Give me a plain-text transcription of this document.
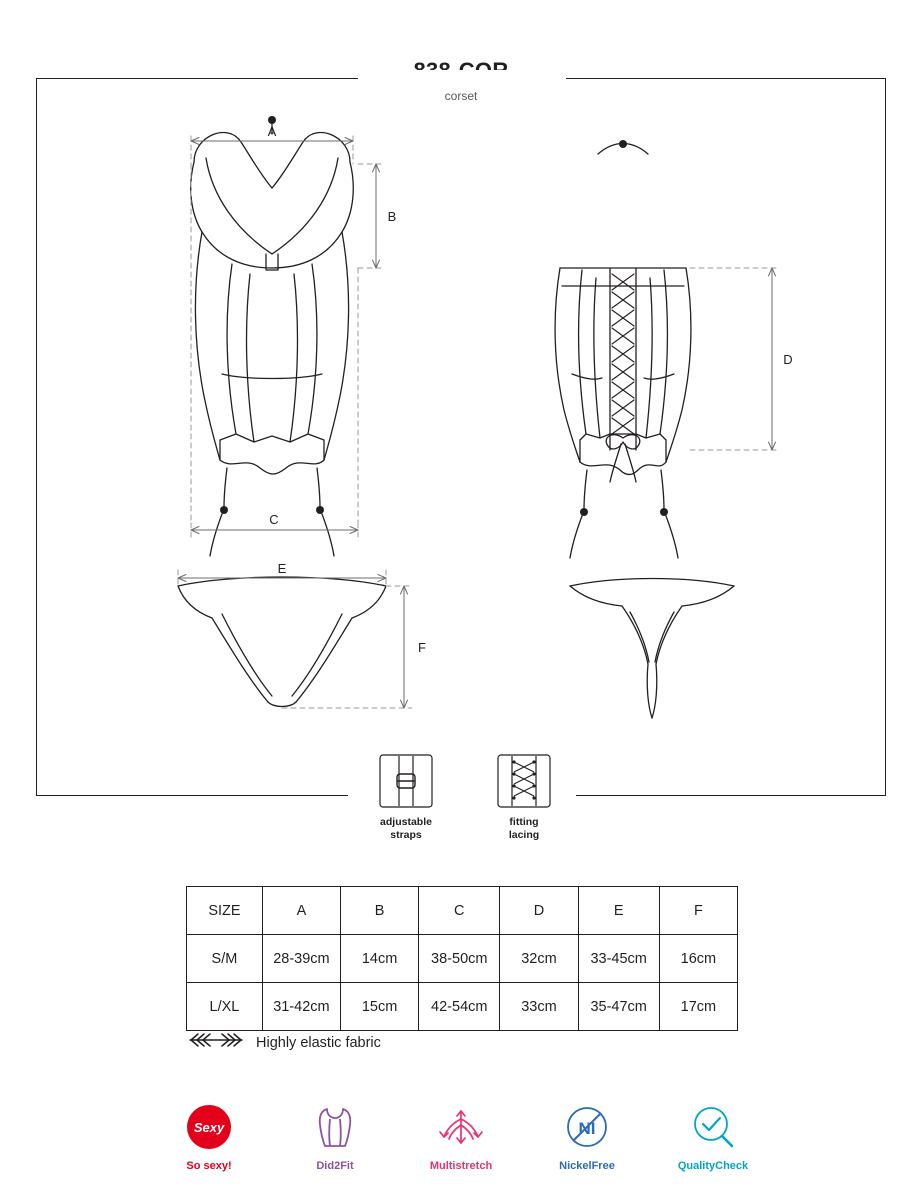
corset
A
B
C
D
E
F
adjustable
straps
fitting
lacing
SIZE	A	B	C	D	E	F
S/M	28-39cm	14cm	38-50cm	32cm	33-45cm	16cm
L/XL	31-42cm	15cm	42-54cm	33cm	35-47cm	17cm
Highly elastic fabric
Sexy
So sexy!	Did2Fit	Multistretch
NI
NickelFree	QualityCheck
